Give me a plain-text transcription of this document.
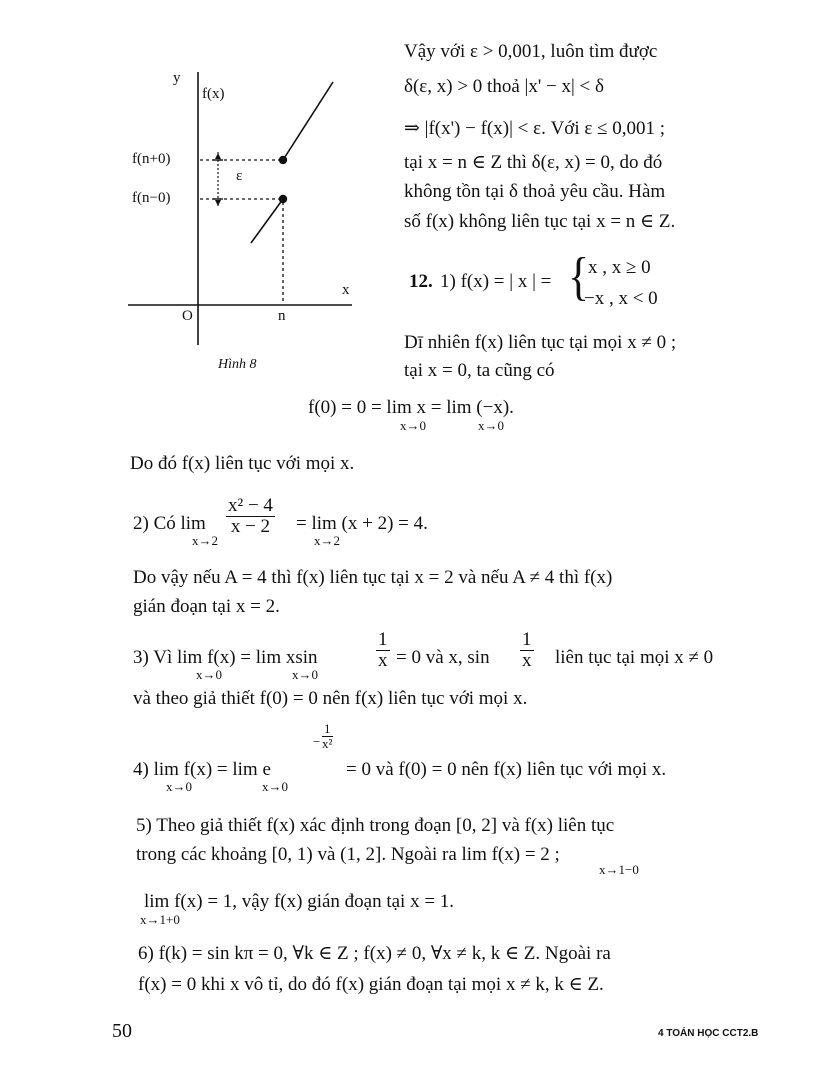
y
f(x)
f(n+0)
f(n−0)
ε
x
O	n
Hình 8
Vậy với ε > 0,001, luôn tìm được
δ(ε, x) > 0 thoả |x' − x| < δ
⇒ |f(x') − f(x)| < ε. Với ε ≤ 0,001 ;
tại x = n ∈ Z thì δ(ε, x) = 0, do đó
không tồn tại δ thoả yêu cầu. Hàm
số f(x) không liên tục tại x = n ∈ Z.
12. 1) f(x) = | x | = {
x , x ≥ 0
−x , x < 0
Dī nhiên f(x) liên tục tại mọi x ≠ 0 ;
tại x = 0, ta cũng có
f(0) = 0 = lim x = lim (−x).
x→0	x→0
Do đó f(x) liên tục với mọi x.
2) Có $\lim \frac{\text{x² − 4}}{x - 2} = \lim (x + 2) = 4$.
x→2	x→2
Do vậy nếu A = 4 thì f(x) liên tục tại x = 2 và nếu A ≠ 4 thì f(x)
gián đoạn tại x = 2.
3) Vì lim f(x) = lim xsin	$\frac{1}{x} = 0$ và x, $\sin \frac{1}{x}$ liên tục tại mọi x ≠ 0
x→0	x→0
và theo giả thiết f(0) = 0 nên f(x) liên tục với mọi x.
4) lim f(x) = lim e
− $\frac{1}{\text{x²}}$
= 0 và f(0) = 0 nên f(x) liên tục với mọi x.
x→0	x→0
5) Theo giả thiết f(x) xác định trong đoạn [0, 2] và f(x) liên tục
trong các khoảng [0, 1) và (1, 2]. Ngoài ra lim f(x) = 2 ;
x→1−0
lim f(x) = 1, vậy f(x) gián đoạn tại x = 1.
x→1+0
6) f(k) = sin kπ = 0, ∀k ∈ Z ; f(x) ≠ 0, ∀x ≠ k, k ∈ Z. Ngoài ra
f(x) = 0 khi x vô tỉ, do đó f(x) gián đoạn tại mọi x ≠ k, k ∈ Z.
50	4 TOÁN HỌC CCT2.B
